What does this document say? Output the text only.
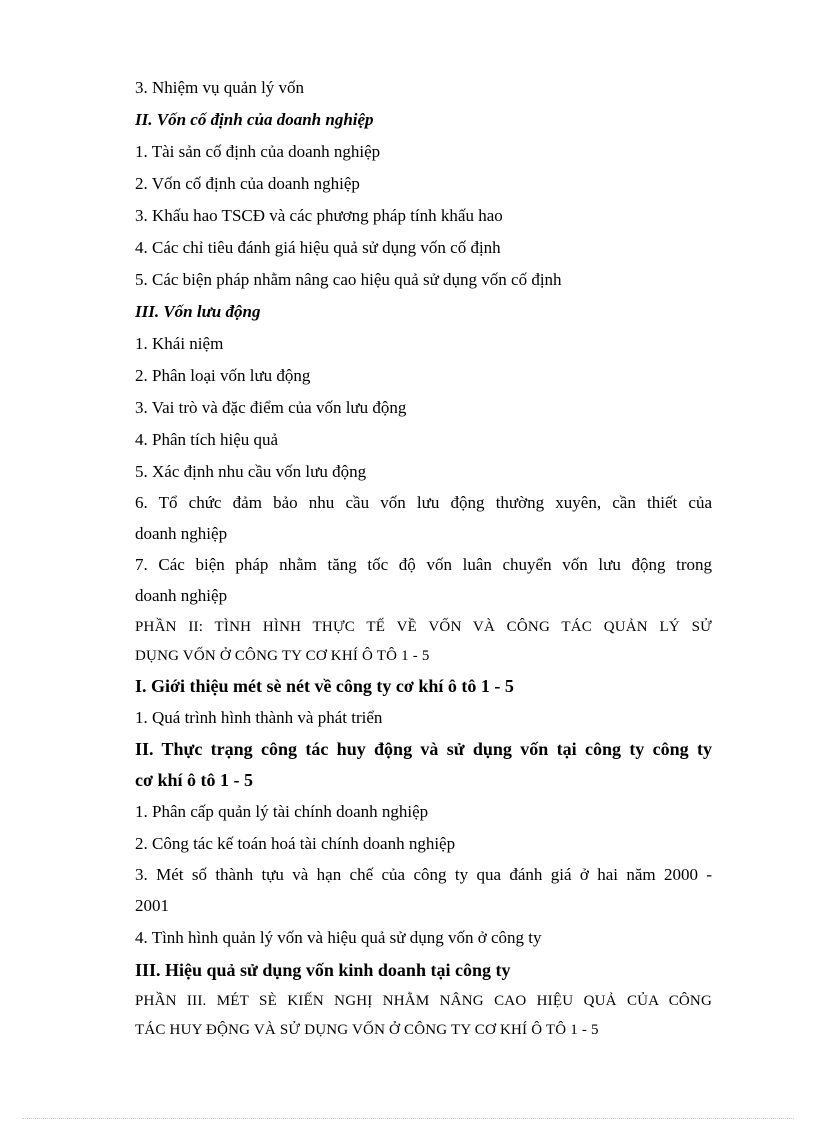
3. Nhiệm vụ quản lý vốn
II. Vốn cố định của doanh nghiệp
1. Tài sản cố định của doanh nghiệp
2. Vốn cố định của doanh nghiệp
3. Khấu hao TSCĐ và các phương pháp tính khấu hao
4. Các chỉ tiêu đánh giá hiệu quả sử dụng vốn cố định
5. Các biện pháp nhằm nâng cao hiệu quả sử dụng vốn cố định
III. Vốn lưu động
1. Khái niệm
2. Phân loại vốn lưu động
3. Vai trò và đặc điểm của vốn lưu động
4. Phân tích hiệu quả
5. Xác định nhu cầu vốn lưu động
6. Tổ chức đảm bảo nhu cầu vốn lưu động thường xuyên, cần thiết của
doanh nghiệp
7. Các biện pháp nhằm tăng tốc độ vốn luân chuyển vốn lưu động trong
doanh nghiệp
PHẦN II: TÌNH HÌNH THỰC TẾ VỀ VỐN VÀ CÔNG TÁC QUẢN LÝ SỬ
DỤNG VỐN Ở CÔNG TY CƠ KHÍ Ô TÔ 1 - 5
I. Giới thiệu mét sè nét về công ty cơ khí ô tô 1 - 5
1. Quá trình hình thành và phát triển
II. Thực trạng công tác huy động và sử dụng vốn tại công ty công ty
cơ khí ô tô 1 - 5
1. Phân cấp quản lý tài chính doanh nghiệp
2. Công tác kế toán hoá tài chính doanh nghiệp
3. Mét số thành tựu và hạn chế của công ty qua đánh giá ở hai năm 2000 -
2001
4. Tình hình quản lý vốn và hiệu quả sử dụng vốn ở công ty
III. Hiệu quả sử dụng vốn kinh doanh tại công ty
PHẦN III. MÉT SÈ KIẾN NGHỊ NHẰM NÂNG CAO HIỆU QUẢ CỦA CÔNG
TÁC HUY ĐỘNG VÀ SỬ DỤNG VỐN Ở CÔNG TY CƠ KHÍ Ô TÔ 1 - 5
